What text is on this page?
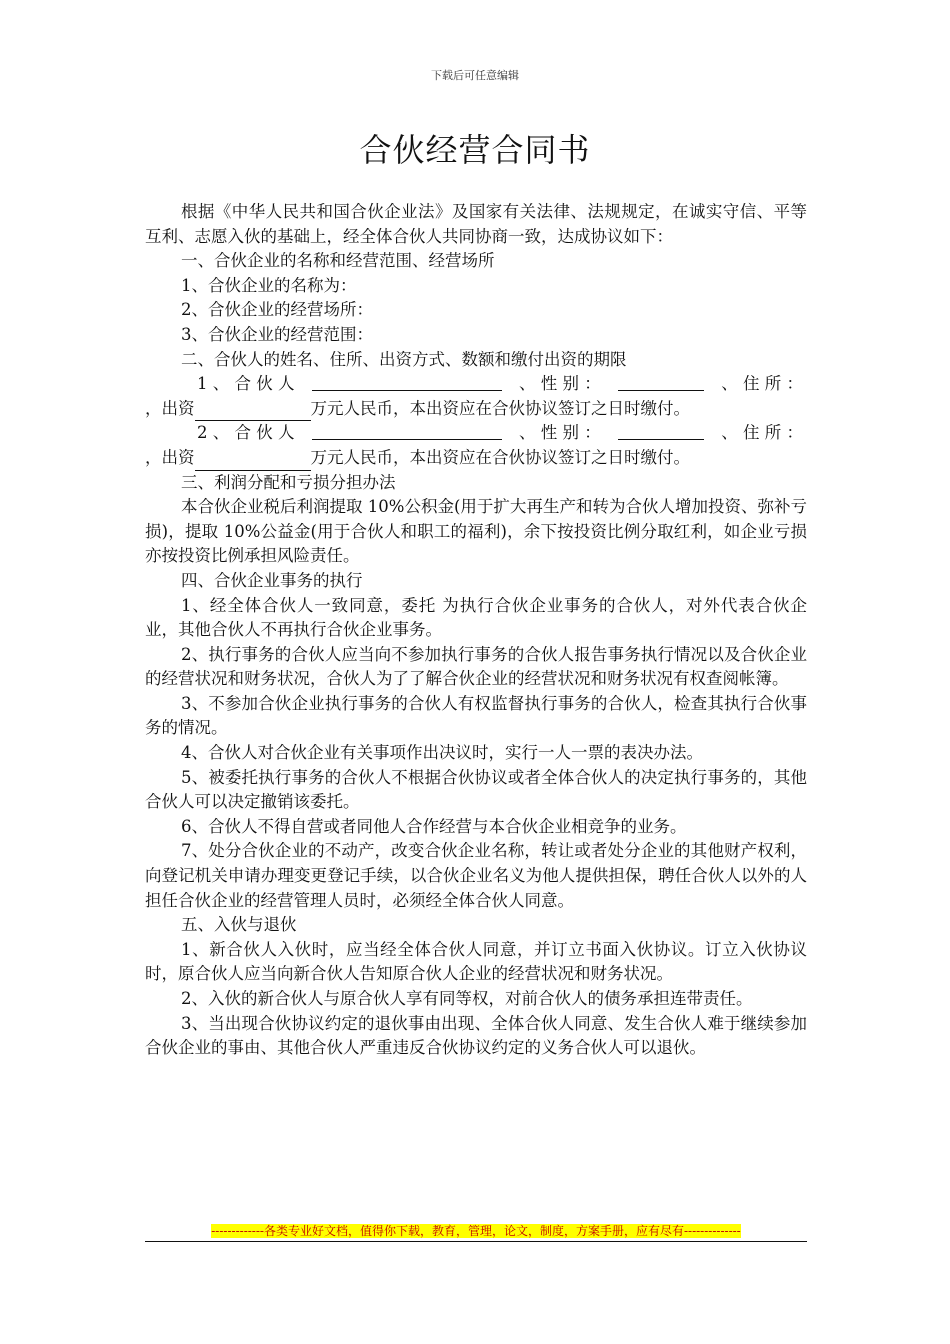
下载后可任意编辑
合伙经营合同书

根据《中华人民共和国合伙企业法》及国家有关法律、法规规定，在诚实守信、平等互利、志愿入伙的基础上，经全体合伙人共同协商一致，达成协议如下：

一、合伙企业的名称和经营范围、经营场所

1、合伙企业的名称为：

2、合伙企业的经营场所：

3、合伙企业的经营范围：

二、合伙人的姓名、住所、出资方式、数额和缴付出资的期限

1 、 合 伙 人	、 性 别 ：	、 住 所 ：

，出资	万元人民币，本出资应在合伙协议签订之日时缴付。

2 、 合 伙 人	、 性 别 ：	、 住 所 ：

，出资	万元人民币，本出资应在合伙协议签订之日时缴付。

三、利润分配和亏损分担办法

本合伙企业税后利润提取 10%公积金(用于扩大再生产和转为合伙人增加投资、弥补亏损)，提取 10%公益金(用于合伙人和职工的福利)，余下按投资比例分取红利，如企业亏损亦按投资比例承担风险责任。

四、合伙企业事务的执行

1、经全体合伙人一致同意，委托 为执行合伙企业事务的合伙人，对外代表合伙企业，其他合伙人不再执行合伙企业事务。

2、执行事务的合伙人应当向不参加执行事务的合伙人报告事务执行情况以及合伙企业的经营状况和财务状况，合伙人为了了解合伙企业的经营状况和财务状况有权查阅帐簿。

3、不参加合伙企业执行事务的合伙人有权监督执行事务的合伙人，检查其执行合伙事务的情况。

4、合伙人对合伙企业有关事项作出决议时，实行一人一票的表决办法。

5、被委托执行事务的合伙人不根据合伙协议或者全体合伙人的决定执行事务的，其他合伙人可以决定撤销该委托。

6、合伙人不得自营或者同他人合作经营与本合伙企业相竞争的业务。

7、处分合伙企业的不动产，改变合伙企业名称，转让或者处分企业的其他财产权利，向登记机关申请办理变更登记手续，以合伙企业名义为他人提供担保，聘任合伙人以外的人担任合伙企业的经营管理人员时，必须经全体合伙人同意。

五、入伙与退伙

1、新合伙人入伙时，应当经全体合伙人同意，并订立书面入伙协议。订立入伙协议时，原合伙人应当向新合伙人告知原合伙人企业的经营状况和财务状况。

2、入伙的新合伙人与原合伙人享有同等权，对前合伙人的债务承担连带责任。

3、当出现合伙协议约定的退伙事由出现、全体合伙人同意、发生合伙人难于继续参加合伙企业的事由、其他合伙人严重违反合伙协议约定的义务合伙人可以退伙。

-------------各类专业好文档，值得你下载，教育，管理，论文，制度，方案手册，应有尽有--------------
